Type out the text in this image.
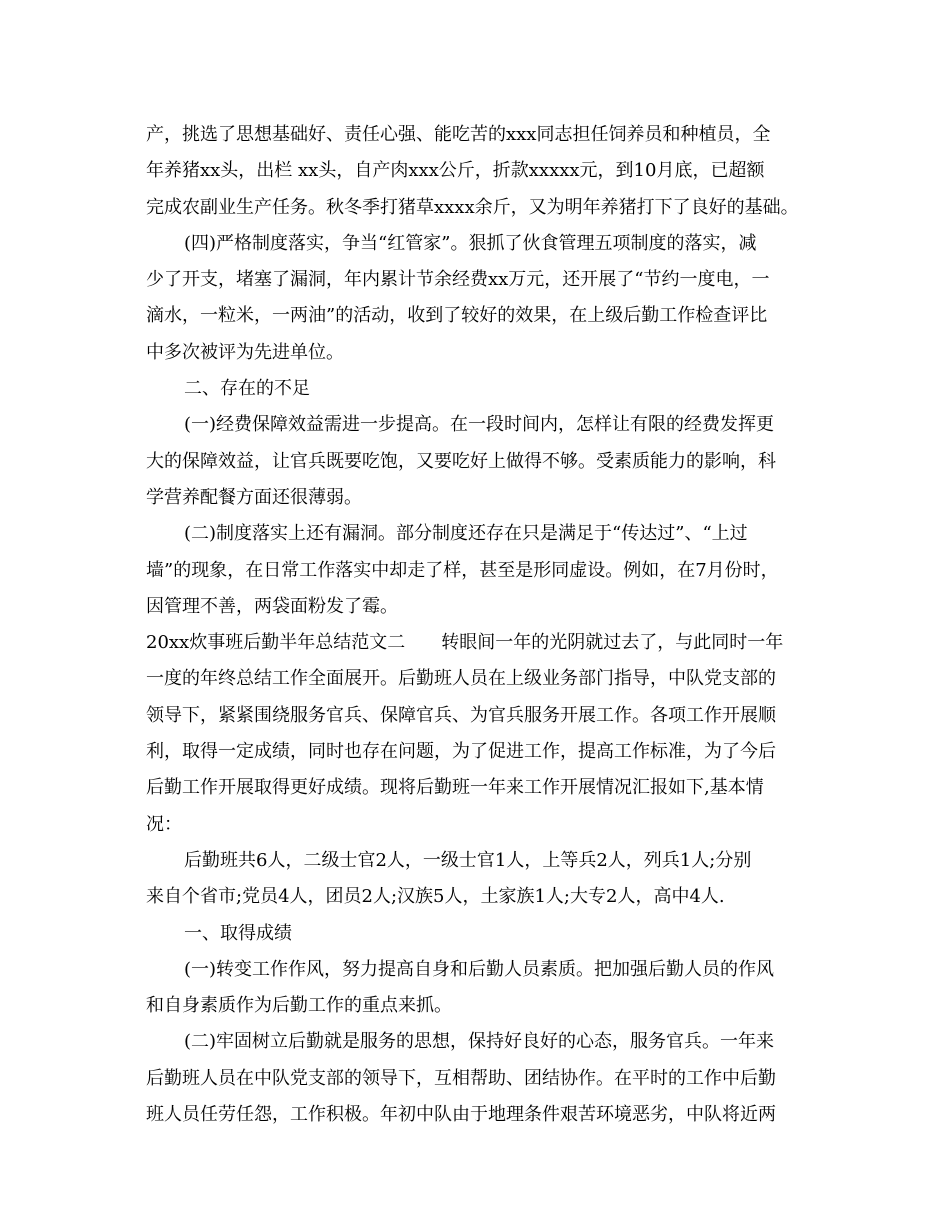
产，挑选了思想基础好、责任心强、能吃苦的xxx同志担任饲养员和种植员，全
年养猪xx头，出栏 xx头，自产肉xxx公斤，折款xxxxx元，到10月底，已超额
完成农副业生产任务。秋冬季打猪草xxxx余斤，又为明年养猪打下了良好的基础。
(四)严格制度落实，争当“红管家”。狠抓了伙食管理五项制度的落实，减
少了开支，堵塞了漏洞，年内累计节余经费xx万元，还开展了“节约一度电，一
滴水，一粒米，一两油”的活动，收到了较好的效果，在上级后勤工作检查评比
中多次被评为先进单位。
二、存在的不足
(一)经费保障效益需进一步提高。在一段时间内，怎样让有限的经费发挥更
大的保障效益，让官兵既要吃饱，又要吃好上做得不够。受素质能力的影响，科
学营养配餐方面还很薄弱。
(二)制度落实上还有漏洞。部分制度还存在只是满足于“传达过”、“上过
墙”的现象，在日常工作落实中却走了样，甚至是形同虚设。例如，在7月份时，
因管理不善，两袋面粉发了霉。
20xx炊事班后勤半年总结范文二　　转眼间一年的光阴就过去了，与此同时一年
一度的年终总结工作全面展开。后勤班人员在上级业务部门指导，中队党支部的
领导下，紧紧围绕服务官兵、保障官兵、为官兵服务开展工作。各项工作开展顺
利，取得一定成绩，同时也存在问题，为了促进工作，提高工作标准，为了今后
后勤工作开展取得更好成绩。现将后勤班一年来工作开展情况汇报如下,基本情
况：
后勤班共6人，二级士官2人，一级士官1人，上等兵2人，列兵1人;分别
来自个省市;党员4人，团员2人;汉族5人，土家族1人;大专2人，高中4人.
一、取得成绩
(一)转变工作作风，努力提高自身和后勤人员素质。把加强后勤人员的作风
和自身素质作为后勤工作的重点来抓。
(二)牢固树立后勤就是服务的思想，保持好良好的心态，服务官兵。一年来
后勤班人员在中队党支部的领导下，互相帮助、团结协作。在平时的工作中后勤
班人员任劳任怨，工作积极。年初中队由于地理条件艰苦环境恶劣，中队将近两
